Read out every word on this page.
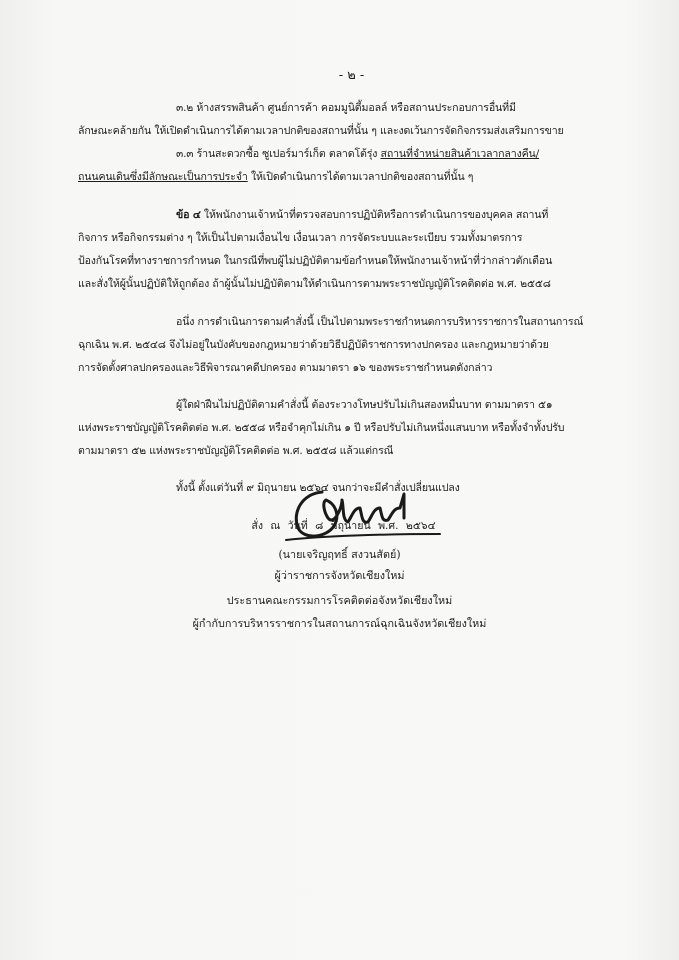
- ๒ -
๓.๒ ห้างสรรพสินค้า ศูนย์การค้า คอมมูนิตี้มอลล์ หรือสถานประกอบการอื่นที่มี
ลักษณะคล้ายกัน ให้เปิดดำเนินการได้ตามเวลาปกติของสถานที่นั้น ๆ และงดเว้นการจัดกิจกรรมส่งเสริมการขาย
๓.๓ ร้านสะดวกซื้อ ซูเปอร์มาร์เก็ต ตลาดโต้รุ่ง สถานที่จำหน่ายสินค้าเวลากลางคืน/
ถนนคนเดินซึ่งมีลักษณะเป็นการประจำ ให้เปิดดำเนินการได้ตามเวลาปกติของสถานที่นั้น ๆ
ข้อ ๔ ให้พนักงานเจ้าหน้าที่ตรวจสอบการปฏิบัติหรือการดำเนินการของบุคคล สถานที่
กิจการ หรือกิจกรรมต่าง ๆ ให้เป็นไปตามเงื่อนไข เงื่อนเวลา การจัดระบบและระเบียบ รวมทั้งมาตรการ
ป้องกันโรคที่ทางราชการกำหนด ในกรณีที่พบผู้ไม่ปฏิบัติตามข้อกำหนดให้พนักงานเจ้าหน้าที่ว่ากล่าวตักเตือน
และสั่งให้ผู้นั้นปฏิบัติให้ถูกต้อง ถ้าผู้นั้นไม่ปฏิบัติตามให้ดำเนินการตามพระราชบัญญัติโรคติดต่อ พ.ศ. ๒๕๕๘
อนึ่ง การดำเนินการตามคำสั่งนี้ เป็นไปตามพระราชกำหนดการบริหารราชการในสถานการณ์
ฉุกเฉิน พ.ศ. ๒๕๔๘ จึงไม่อยู่ในบังคับของกฎหมายว่าด้วยวิธีปฏิบัติราชการทางปกครอง และกฎหมายว่าด้วย
การจัดตั้งศาลปกครองและวิธีพิจารณาคดีปกครอง ตามมาตรา ๑๖ ของพระราชกำหนดดังกล่าว
ผู้ใดฝ่าฝืนไม่ปฏิบัติตามคำสั่งนี้ ต้องระวางโทษปรับไม่เกินสองหมื่นบาท ตามมาตรา ๕๑
แห่งพระราชบัญญัติโรคติดต่อ พ.ศ. ๒๕๕๘ หรือจำคุกไม่เกิน ๑ ปี หรือปรับไม่เกินหนึ่งแสนบาท หรือทั้งจำทั้งปรับ
ตามมาตรา ๕๒ แห่งพระราชบัญญัติโรคติดต่อ พ.ศ. ๒๕๕๘ แล้วแต่กรณี
ทั้งนี้ ตั้งแต่วันที่ ๙ มิถุนายน ๒๕๖๔ จนกว่าจะมีคำสั่งเปลี่ยนแปลง
สั่ง ณ วันที่ ๘ มิถุนายน พ.ศ. ๒๕๖๔
(นายเจริญฤทธิ์ สงวนสัตย์)
ผู้ว่าราชการจังหวัดเชียงใหม่
ประธานคณะกรรมการโรคติดต่อจังหวัดเชียงใหม่
ผู้กำกับการบริหารราชการในสถานการณ์ฉุกเฉินจังหวัดเชียงใหม่
